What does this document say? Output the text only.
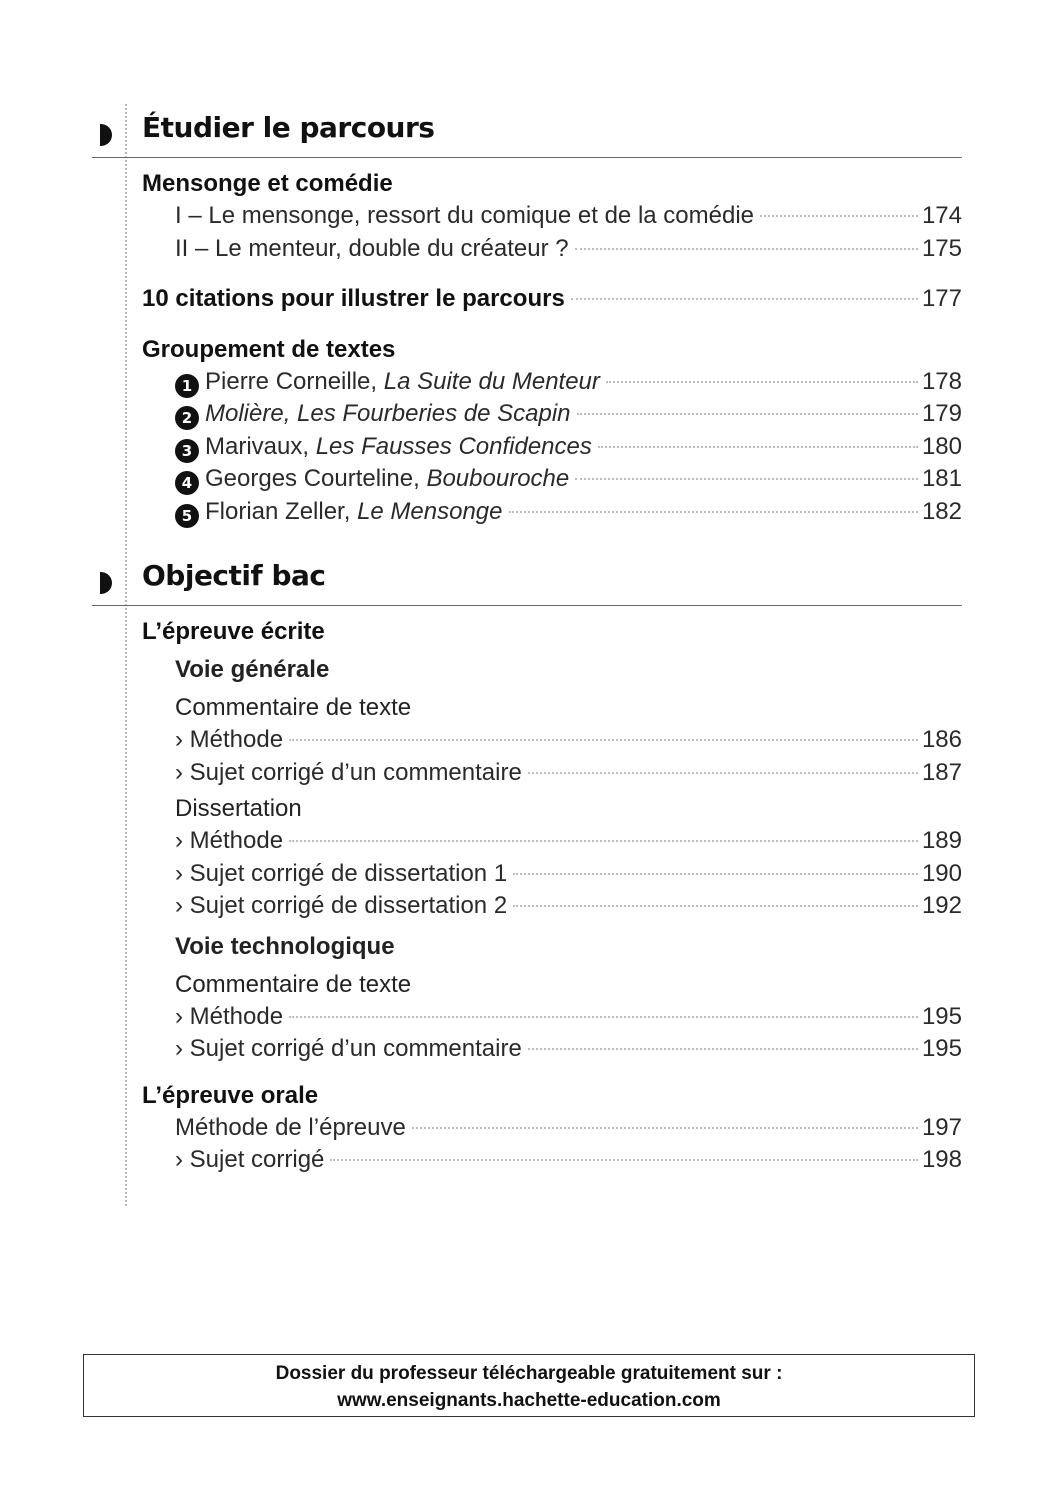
Étudier le parcours
Mensonge et comédie
I – Le mensonge, ressort du comique et de la comédie	174
II – Le menteur, double du créateur ?	175
10 citations pour illustrer le parcours	177
Groupement de textes
1 Pierre Corneille, La Suite du Menteur	178
2 Molière, Les Fourberies de Scapin	179
3 Marivaux, Les Fausses Confidences	180
4 Georges Courteline, Boubouroche	181
5 Florian Zeller, Le Mensonge	182
Objectif bac
L’épreuve écrite
Voie générale
Commentaire de texte
› Méthode	186
› Sujet corrigé d’un commentaire	187
Dissertation
› Méthode	189
› Sujet corrigé de dissertation 1	190
› Sujet corrigé de dissertation 2	192
Voie technologique
Commentaire de texte
› Méthode	195
› Sujet corrigé d’un commentaire	195
L’épreuve orale
Méthode de l’épreuve	197
› Sujet corrigé	198
Dossier du professeur téléchargeable gratuitement sur :
www.enseignants.hachette-education.com
